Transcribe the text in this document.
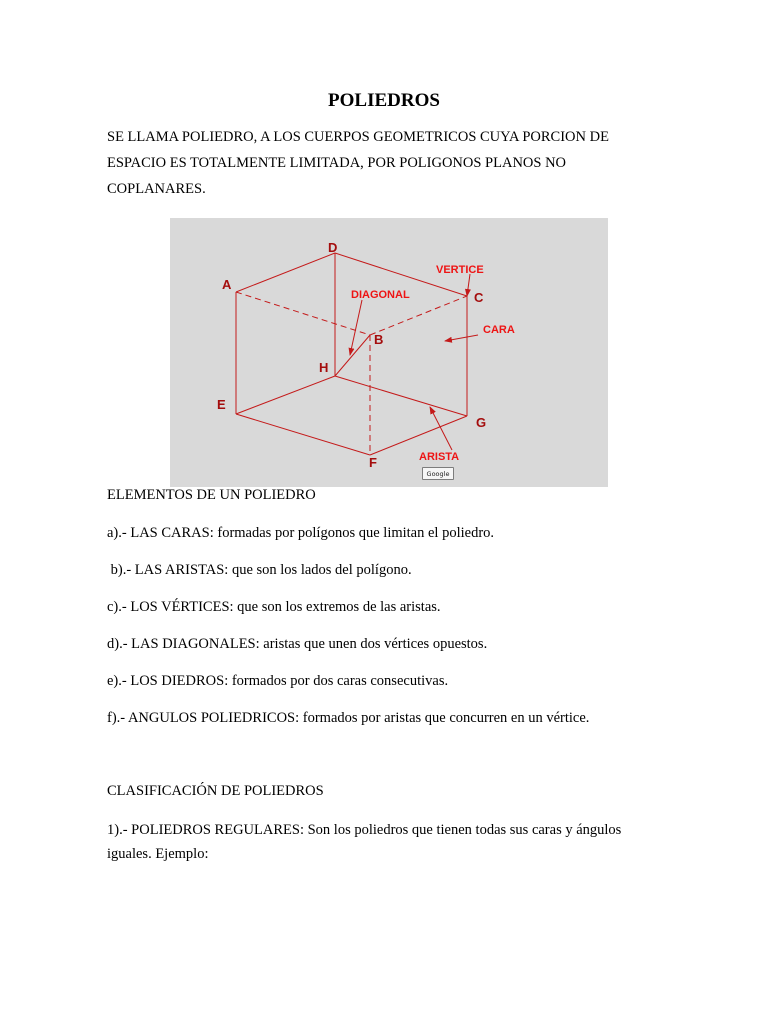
POLIEDROS

SE LLAMA POLIEDRO, A LOS CUERPOS GEOMETRICOS CUYA PORCION DE ESPACIO ES TOTALMENTE LIMITADA, POR POLIGONOS PLANOS NO COPLANARES.

D
A
C
B
H
E
G
F
VERTICE
DIAGONAL
CARA
ARISTA
Google

ELEMENTOS DE UN POLIEDRO

a).- LAS CARAS: formadas por polígonos que limitan el poliedro.

b).- LAS ARISTAS: que son los lados del polígono.

c).- LOS VÉRTICES: que son los extremos de las aristas.

d).- LAS DIAGONALES: aristas que unen dos vértices opuestos.

e).- LOS DIEDROS: formados por dos caras consecutivas.

f).- ANGULOS POLIEDRICOS: formados por aristas que concurren en un vértice.

CLASIFICACIÓN DE POLIEDROS

1).- POLIEDROS REGULARES: Son los poliedros que tienen todas sus caras y ángulos iguales. Ejemplo:
